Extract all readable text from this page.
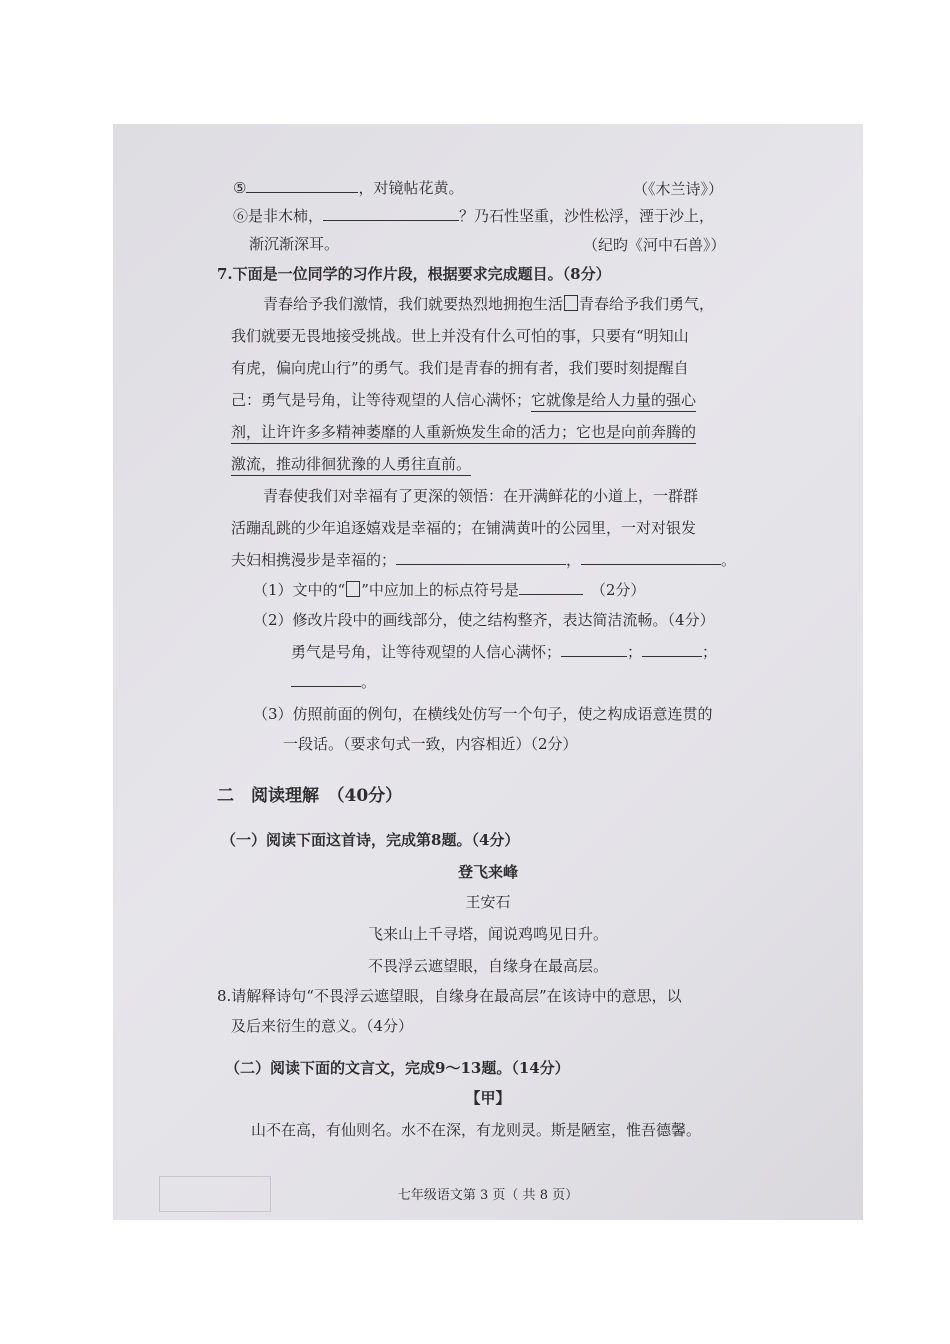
⑤	，对镜帖花黄。	（《木兰诗》）
⑥是非木柿，	？乃石性坚重，沙性松浮，湮于沙上，
渐沉渐深耳。	（纪昀《河中石兽》）
7.下面是一位同学的习作片段，根据要求完成题目。（8分）
青春给予我们激情，我们就要热烈地拥抱生活 青春给予我们勇气，
我们就要无畏地接受挑战。世上并没有什么可怕的事，只要有“明知山
有虎，偏向虎山行”的勇气。我们是青春的拥有者，我们要时刻提醒自
己：勇气是号角，让等待观望的人信心满怀；它就像是给人力量的强心
剂，让许许多多精神萎靡的人重新焕发生命的活力；它也是向前奔腾的
激流，推动徘徊犹豫的人勇往直前。
青春使我们对幸福有了更深的领悟：在开满鲜花的小道上，一群群
活蹦乱跳的少年追逐嬉戏是幸福的；在铺满黄叶的公园里，一对对银发
夫妇相携漫步是幸福的；	，	。
（1）文中的“ ”中应加上的标点符号是	（2分）
（2）修改片段中的画线部分，使之结构整齐，表达简洁流畅。（4分）
勇气是号角，让等待观望的人信心满怀；	；	；
。
（3）仿照前面的例句，在横线处仿写一个句子，使之构成语意连贯的
一段话。（要求句式一致，内容相近）（2分）
二　阅读理解　（40分）
（一）阅读下面这首诗，完成第8题。（4分）
登飞来峰
王安石
飞来山上千寻塔，闻说鸡鸣见日升。
不畏浮云遮望眼，自缘身在最高层。
8.请解释诗句“不畏浮云遮望眼，自缘身在最高层”在该诗中的意思，以
及后来衍生的意义。（4分）
（二）阅读下面的文言文，完成9～13题。（14分）
【甲】
山不在高，有仙则名。水不在深，有龙则灵。斯是陋室，惟吾德馨。
七年级语文第 3 页（ 共 8 页）
